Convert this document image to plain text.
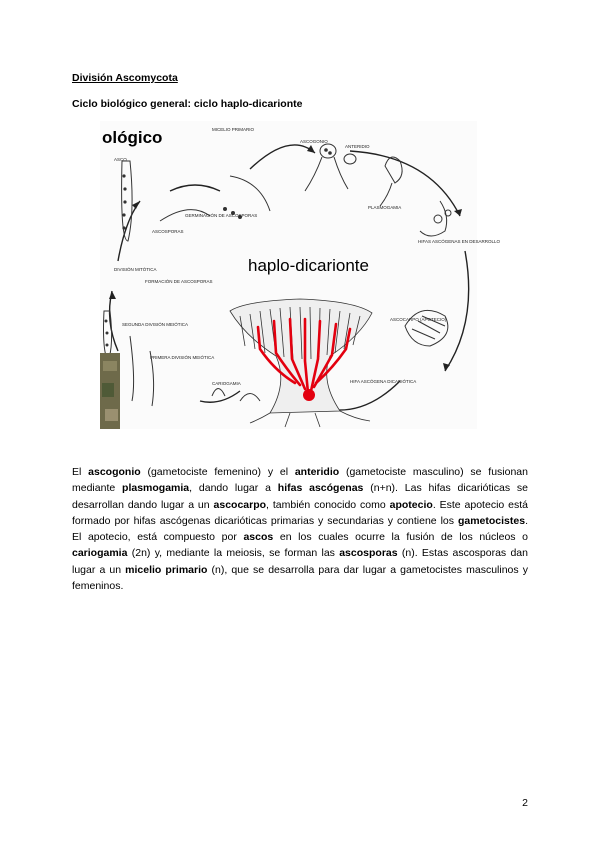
División Ascomycota
Ciclo biológico general: ciclo haplo-dicarionte
ológico
haplo-dicarionte
ASCOGONIO
ANTERIDIO
PLASMOGAMIA
HIFAS ASCÓGENAS EN DESARROLLO
ASCOCARPO (APOTECIO)
HIFA ASCÓGENA DICARIÓTICA
CARIOGAMIA
PRIMERA DIVISIÓN MEIÓTICA
SEGUNDA DIVISIÓN MEIÓTICA
DIVISIÓN MITÓTICA
FORMACIÓN DE ASCOSPORAS
ASCO
GERMINACIÓN DE ASCOSPORAS
ASCOSPORAS
MICELIO PRIMARIO
El ascogonio (gametociste femenino) y el anteridio (gametociste masculino) se fusionan mediante plasmogamia, dando lugar a hifas ascógenas (n+n). Las hifas dicarióticas se desarrollan dando lugar a un ascocarpo, también conocido como apotecio. Este apotecio está formado por hifas ascógenas dicarióticas primarias y secundarias y contiene los gametocistes. El apotecio, está compuesto por ascos en los cuales ocurre la fusión de los núcleos o cariogamia (2n) y, mediante la meiosis, se forman las ascosporas (n). Estas ascosporas dan lugar a un micelio primario (n), que se desarrolla para dar lugar a gametocistes masculinos y femeninos.
2
